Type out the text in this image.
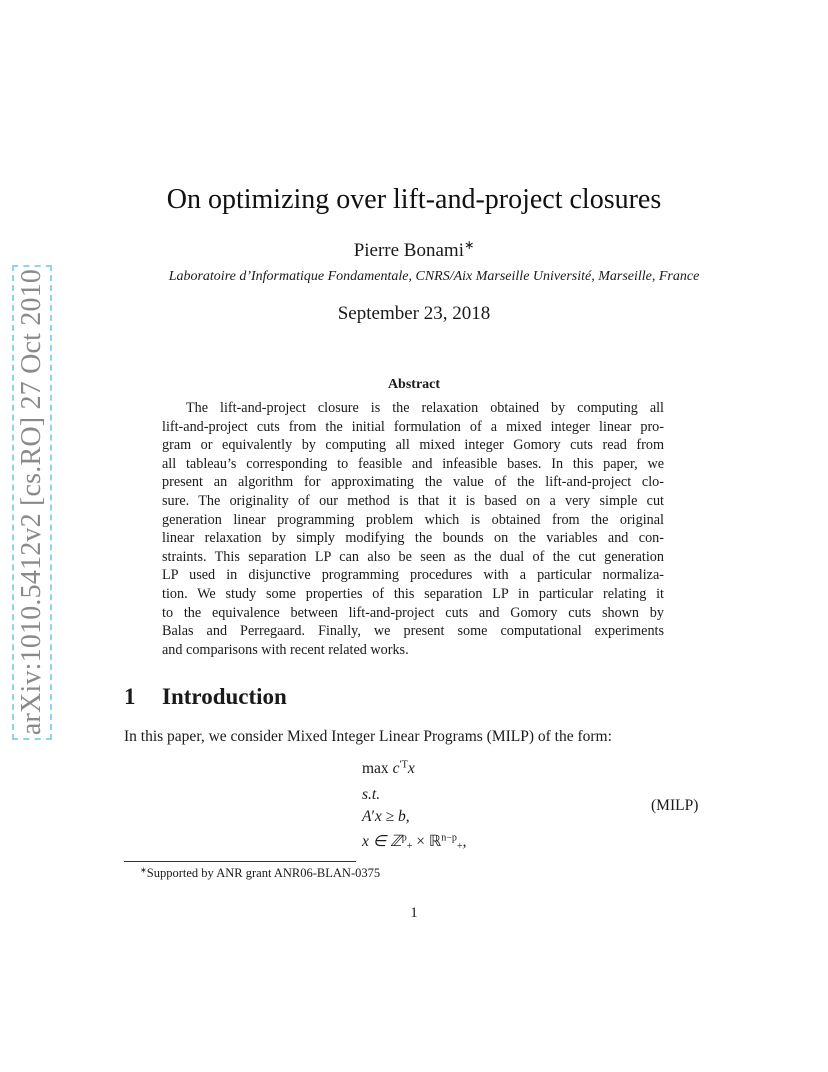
arXiv:1010.5412v2 [cs.RO] 27 Oct 2010
On optimizing over lift-and-project closures
Pierre Bonami∗
Laboratoire d’Informatique Fondamentale, CNRS/Aix Marseille Université, Marseille, France
September 23, 2018
Abstract
The lift-and-project closure is the relaxation obtained by computing all
lift-and-project cuts from the initial formulation of a mixed integer linear pro-
gram or equivalently by computing all mixed integer Gomory cuts read from
all tableau’s corresponding to feasible and infeasible bases. In this paper, we
present an algorithm for approximating the value of the lift-and-project clo-
sure. The originality of our method is that it is based on a very simple cut
generation linear programming problem which is obtained from the original
linear relaxation by simply modifying the bounds on the variables and con-
straints. This separation LP can also be seen as the dual of the cut generation
LP used in disjunctive programming procedures with a particular normaliza-
tion. We study some properties of this separation LP in particular relating it
to the equivalence between lift-and-project cuts and Gomory cuts shown by
Balas and Perregaard. Finally, we present some computational experiments
and comparisons with recent related works.
1 Introduction
In this paper, we consider Mixed Integer Linear Programs (MILP) of the form:
$\max c^{'T}x$
s.t.
A′x ≥ b,
x ∈ ℤ$^p_+$ × ℝ$^{n-p}_+$,
(MILP)
∗Supported by ANR grant ANR06-BLAN-0375
1
